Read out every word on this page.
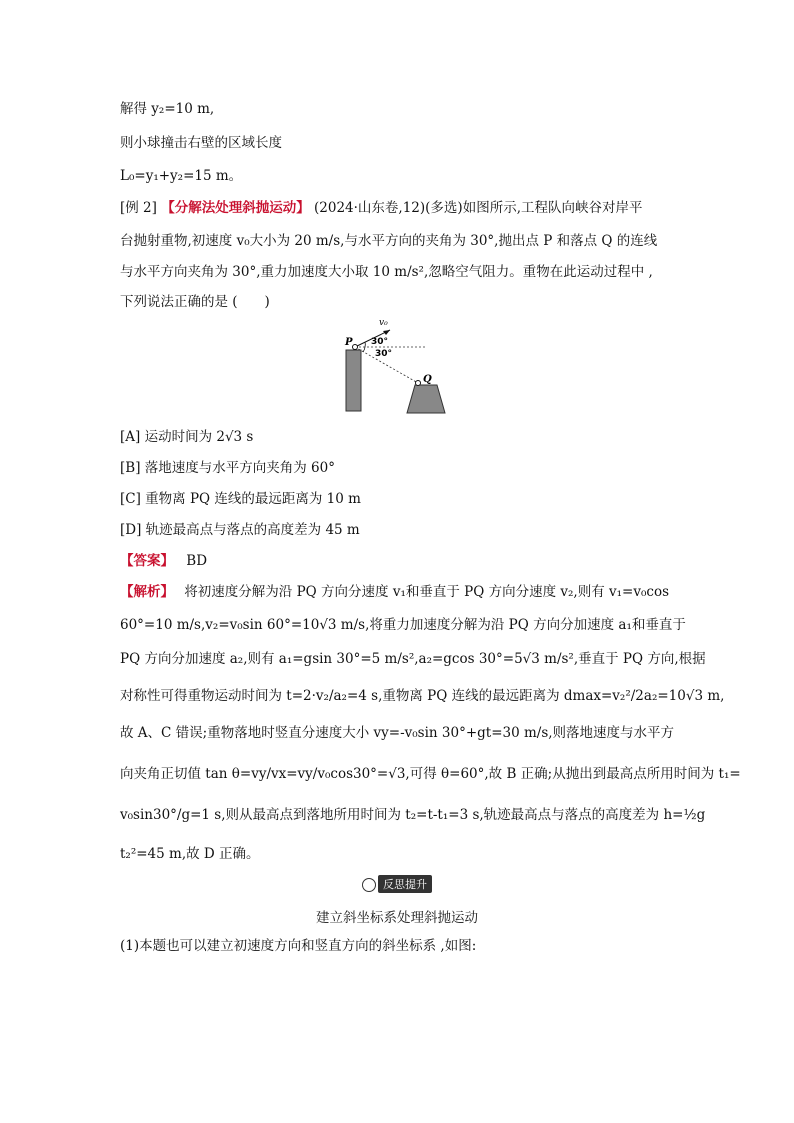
解得 y₂=10 m,
则小球撞击右壁的区域长度
L₀=y₁+y₂=15 m。
[例 2] 【分解法处理斜抛运动】 (2024·山东卷,12)(多选)如图所示,工程队向峡谷对岸平
台抛射重物,初速度 v₀大小为 20 m/s,与水平方向的夹角为 30°,抛出点 P 和落点 Q 的连线
与水平方向夹角为 30°,重力加速度大小取 10 m/s²,忽略空气阻力。重物在此运动过程中 ,
下列说法正确的是 (　　)
v₀
P
Q
30°
30°
[A] 运动时间为 2√3 s
[B] 落地速度与水平方向夹角为 60°
[C] 重物离 PQ 连线的最远距离为 10 m
[D] 轨迹最高点与落点的高度差为 45 m
【答案】 BD
【解析】 将初速度分解为沿 PQ 方向分速度 v₁和垂直于 PQ 方向分速度 v₂,则有 v₁=v₀cos
60°=10 m/s,v₂=v₀sin 60°=10√3 m/s,将重力加速度分解为沿 PQ 方向分加速度 a₁和垂直于
PQ 方向分加速度 a₂,则有 a₁=gsin 30°=5 m/s²,a₂=gcos 30°=5√3 m/s²,垂直于 PQ 方向,根据
对称性可得重物运动时间为 t=2·v₂/a₂=4 s,重物离 PQ 连线的最远距离为 dmax=v₂²/2a₂=10√3 m,
故 A、C 错误;重物落地时竖直分速度大小 vy=-v₀sin 30°+gt=30 m/s,则落地速度与水平方
向夹角正切值 tan θ=vy/vx=vy/v₀cos30°=√3,可得 θ=60°,故 B 正确;从抛出到最高点所用时间为 t₁=
v₀sin30°/g=1 s,则从最高点到落地所用时间为 t₂=t-t₁=3 s,轨迹最高点与落点的高度差为 h=½g
t₂²=45 m,故 D 正确。
反思提升
建立斜坐标系处理斜抛运动
(1)本题也可以建立初速度方向和竖直方向的斜坐标系 ,如图:
